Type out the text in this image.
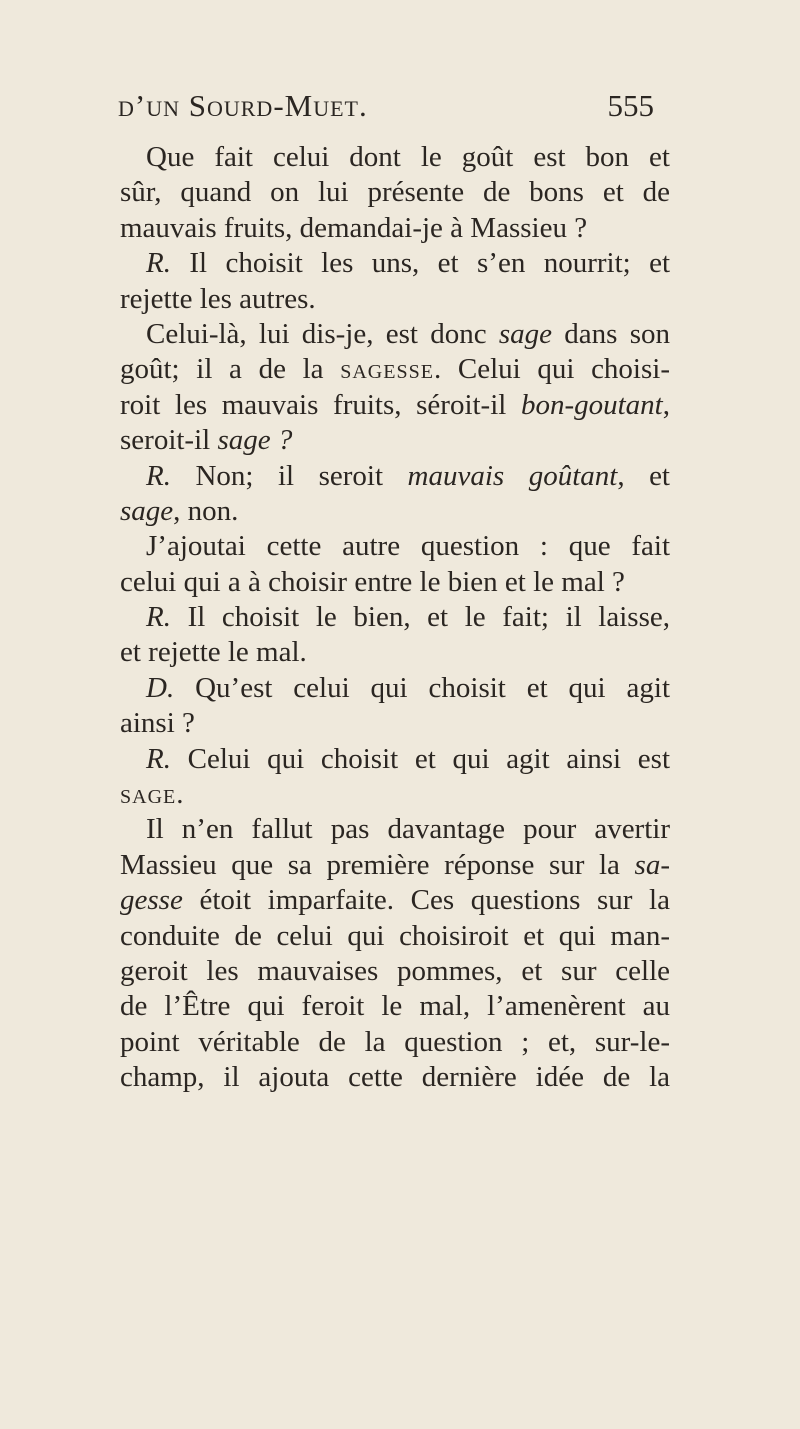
d’un Sourd-Muet.	555
Que fait celui dont le goût est bon et
sûr, quand on lui présente de bons et de
mauvais fruits, demandai-je à Massieu ?
R. Il choisit les uns, et s’en nourrit; et
rejette les autres.
Celui-là, lui dis-je, est donc sage dans son
goût; il a de la sagesse. Celui qui choisi-
roit les mauvais fruits, séroit-il bon-goutant,
seroit-il sage ?
R. Non; il seroit mauvais goûtant, et
sage, non.
J’ajoutai cette autre question : que fait
celui qui a à choisir entre le bien et le mal ?
R. Il choisit le bien, et le fait; il laisse,
et rejette le mal.
D. Qu’est celui qui choisit et qui agit
ainsi ?
R. Celui qui choisit et qui agit ainsi est
sage.
Il n’en fallut pas davantage pour avertir
Massieu que sa première réponse sur la sa-
gesse étoit imparfaite. Ces questions sur la
conduite de celui qui choisiroit et qui man-
geroit les mauvaises pommes, et sur celle
de l’Être qui feroit le mal, l’amenèrent au
point véritable de la question ; et, sur-le-
champ, il ajouta cette dernière idée de la
